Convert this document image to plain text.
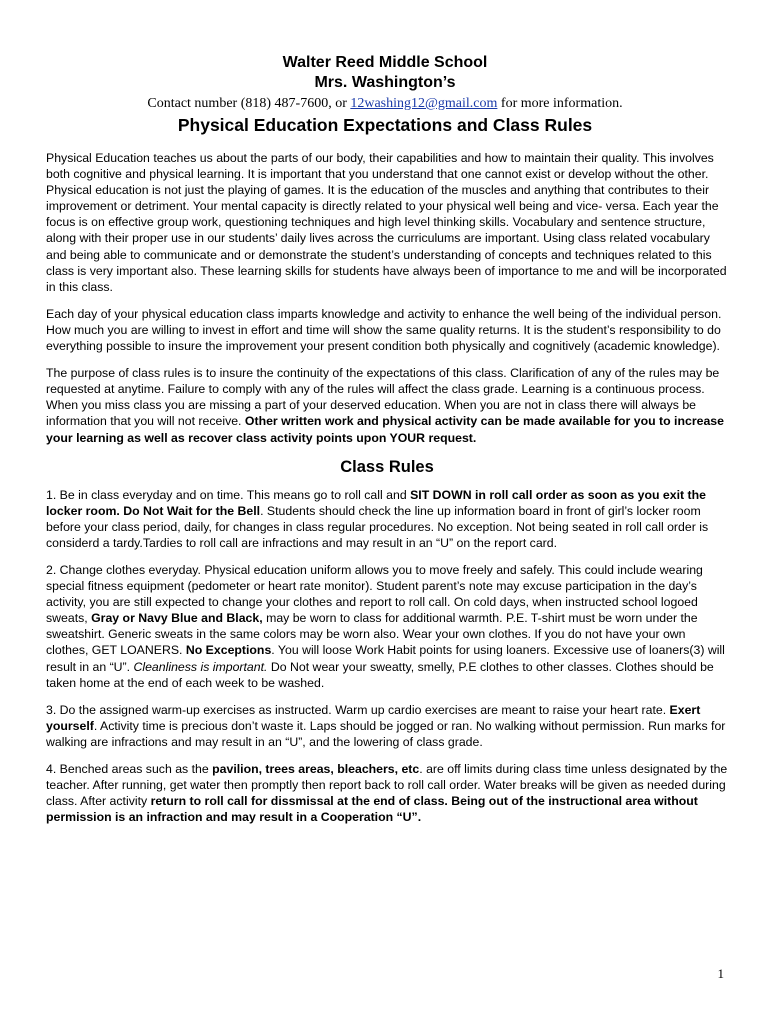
Walter Reed Middle School
Mrs. Washington’s
Contact number (818) 487-7600, or 12washing12@gmail.com for more information.
Physical Education Expectations and Class Rules

Physical Education teaches us about the parts of our body, their capabilities and how to maintain their quality. This involves both cognitive and physical learning. It is important that you understand that one cannot exist or develop without the other. Physical education is not just the playing of games. It is the education of the muscles and anything that contributes to their improvement or detriment. Your mental capacity is directly related to your physical well being and vice- versa. Each year the focus is on effective group work, questioning techniques and high level thinking skills. Vocabulary and sentence structure, along with their proper use in our students’ daily lives across the curriculums are important. Using class related vocabulary and being able to communicate and or demonstrate the student’s understanding of concepts and techniques related to this class is very important also. These learning skills for students have always been of importance to me and will be incorporated in this class.

Each day of your physical education class imparts knowledge and activity to enhance the well being of the individual person. How much you are willing to invest in effort and time will show the same quality returns. It is the student’s responsibility to do everything possible to insure the improvement your present condition both physically and cognitively (academic knowledge).

The purpose of class rules is to insure the continuity of the expectations of this class. Clarification of any of the rules may be requested at anytime. Failure to comply with any of the rules will affect the class grade. Learning is a continuous process. When you miss class you are missing a part of your deserved education. When you are not in class there will always be information that you will not receive. Other written work and physical activity can be made available for you to increase your learning as well as recover class activity points upon YOUR request.

Class Rules

1. Be in class everyday and on time. This means go to roll call and SIT DOWN in roll call order as soon as you exit the locker room. Do Not Wait for the Bell. Students should check the line up information board in front of girl’s locker room before your class period, daily, for changes in class regular procedures. No exception. Not being seated in roll call order is considerd a tardy.Tardies to roll call are infractions and may result in an “U” on the report card.

2. Change clothes everyday. Physical education uniform allows you to move freely and safely. This could include wearing special fitness equipment (pedometer or heart rate monitor). Student parent’s note may excuse participation in the day’s activity, you are still expected to change your clothes and report to roll call. On cold days, when instructed school logoed sweats, Gray or Navy Blue and Black, may be worn to class for additional warmth. P.E. T-shirt must be worn under the sweatshirt. Generic sweats in the same colors may be worn also. Wear your own clothes. If you do not have your own clothes, GET LOANERS. No Exceptions. You will loose Work Habit points for using loaners. Excessive use of loaners(3) will result in an “U”. Cleanliness is important. Do Not wear your sweatty, smelly, P.E clothes to other classes. Clothes should be taken home at the end of each week to be washed.

3. Do the assigned warm-up exercises as instructed. Warm up cardio exercises are meant to raise your heart rate. Exert yourself. Activity time is precious don’t waste it. Laps should be jogged or ran. No walking without permission. Run marks for walking are infractions and may result in an “U”, and the lowering of class grade.

4. Benched areas such as the pavilion, trees areas, bleachers, etc. are off limits during class time unless designated by the teacher. After running, get water then promptly then report back to roll call order. Water breaks will be given as needed during class. After activity return to roll call for dissmissal at the end of class. Being out of the instructional area without permission is an infraction and may result in a Cooperation “U”.

1
